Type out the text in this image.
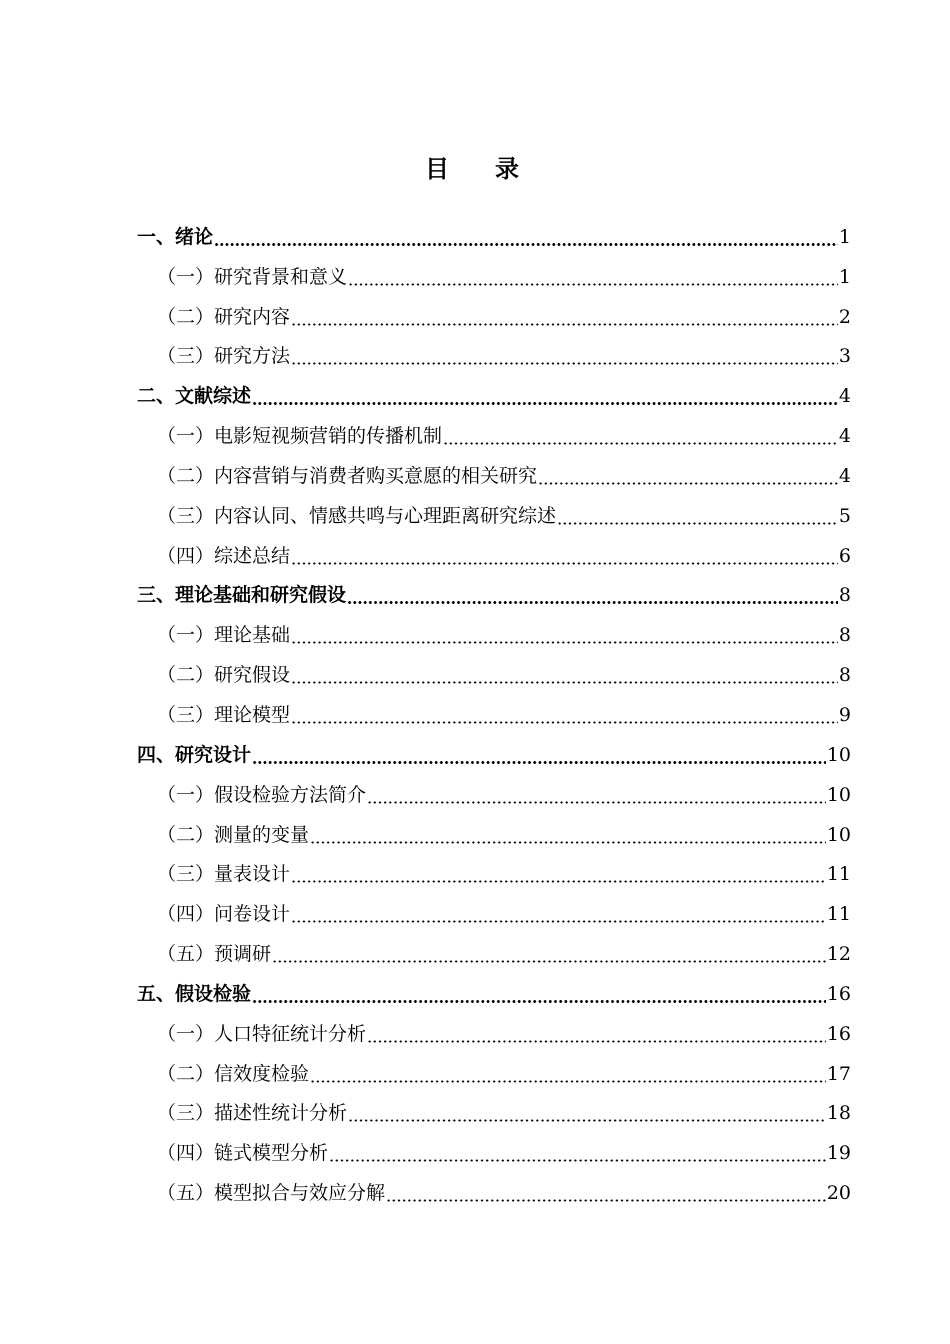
目录
一、绪论	1
（一）研究背景和意义	1
（二）研究内容	2
（三）研究方法	3
二、文献综述	4
（一）电影短视频营销的传播机制	4
（二）内容营销与消费者购买意愿的相关研究	4
（三）内容认同、情感共鸣与心理距离研究综述	5
（四）综述总结	6
三、理论基础和研究假设	8
（一）理论基础	8
（二）研究假设	8
（三）理论模型	9
四、研究设计	10
（一）假设检验方法简介	10
（二）测量的变量	10
（三）量表设计	11
（四）问卷设计	11
（五）预调研	12
五、假设检验	16
（一）人口特征统计分析	16
（二）信效度检验	17
（三）描述性统计分析	18
（四）链式模型分析	19
（五）模型拟合与效应分解	20
